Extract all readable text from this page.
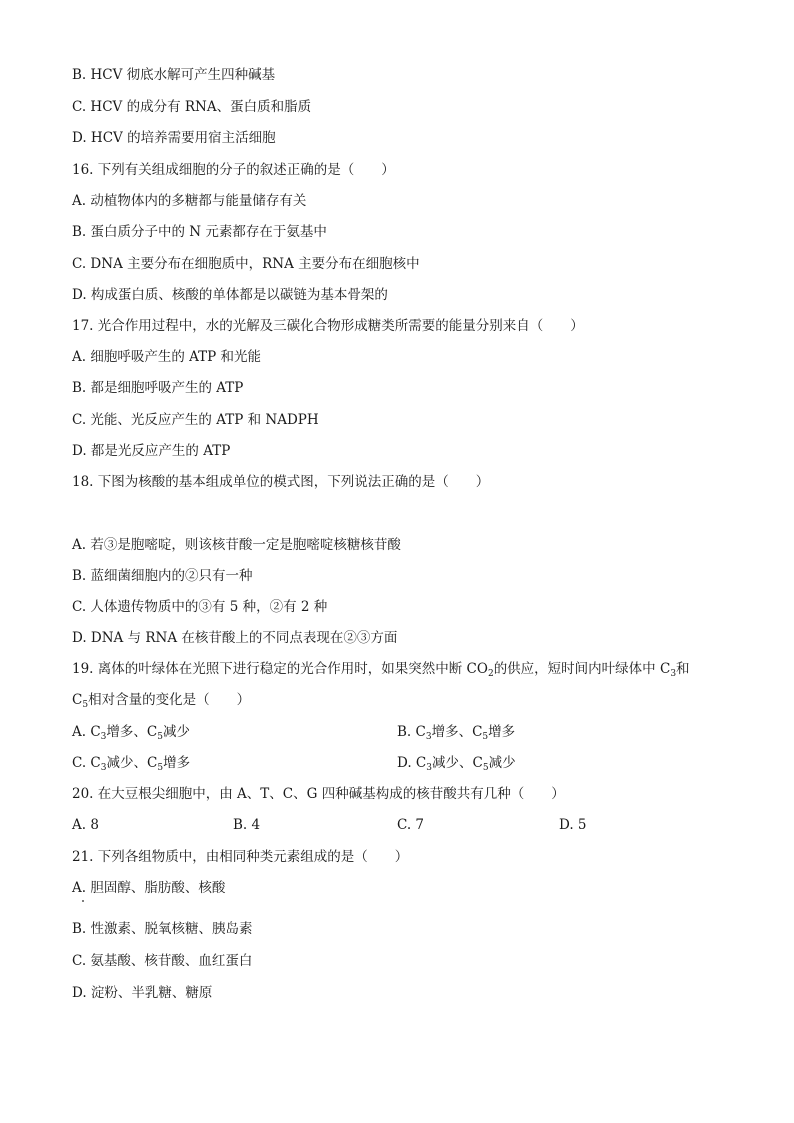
B. HCV 彻底水解可产生四种碱基
C. HCV 的成分有 RNA、蛋白质和脂质
D. HCV 的培养需要用宿主活细胞
16. 下列有关组成细胞的分子的叙述正确的是（　　）
A. 动植物体内的多糖都与能量储存有关
B. 蛋白质分子中的 N 元素都存在于氨基中
C. DNA 主要分布在细胞质中，RNA 主要分布在细胞核中
D. 构成蛋白质、核酸的单体都是以碳链为基本骨架的
17. 光合作用过程中，水的光解及三碳化合物形成糖类所需要的能量分别来自（　　）
A. 细胞呼吸产生的 ATP 和光能
B. 都是细胞呼吸产生的 ATP
C. 光能、光反应产生的 ATP 和 NADPH
D. 都是光反应产生的 ATP
18. 下图为核酸的基本组成单位的模式图，下列说法正确的是（　　）
A. 若③是胞嘧啶，则该核苷酸一定是胞嘧啶核糖核苷酸
B. 蓝细菌细胞内的②只有一种
C. 人体遗传物质中的③有 5 种，②有 2 种
D. DNA 与 RNA 在核苷酸上的不同点表现在②③方面
19. 离体的叶绿体在光照下进行稳定的光合作用时，如果突然中断 $CO_2$的供应，短时间内叶绿体中 $C_3$和
$C_5$相对含量的变化是（　　）
A. $C_3$增多、$C_5$减少	B. $C_3$增多、$C_5$增多
C. $C_3$减少、$C_5$增多	D. $C_3$减少、$C_5$减少
20. 在大豆根尖细胞中，由 A、T、C、G 四种碱基构成的核苷酸共有几种（　　）
A. 8	B. 4	C. 7	D. 5
21. 下列各组物质中，由相同种类元素组成的是（　　）
A. 胆固醇、脂肪酸、核酸
B. 性激素、脱氧核糖、胰岛素
C. 氨基酸、核苷酸、血红蛋白
D. 淀粉、半乳糖、糖原
